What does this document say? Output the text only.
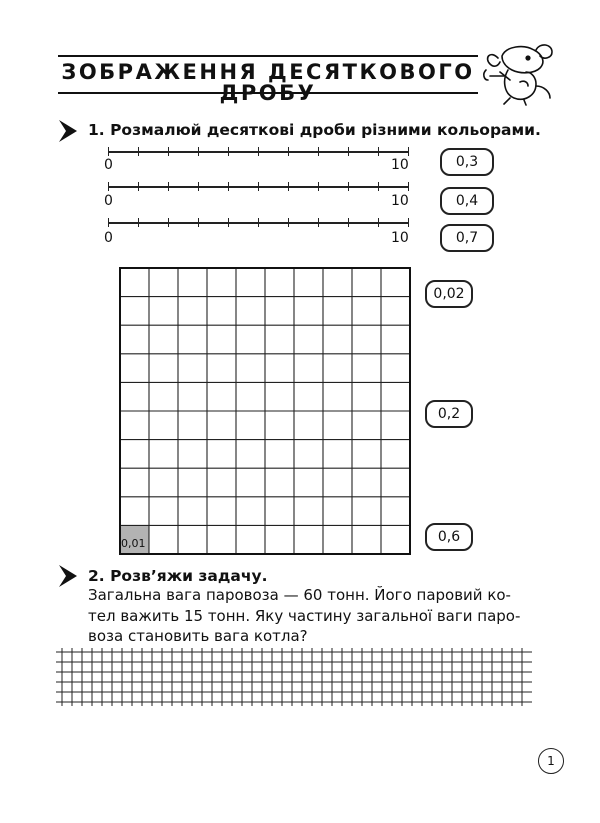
ЗОБРАЖЕННЯ ДЕСЯТКОВОГО ДРОБУ
1. Розмалюй десяткові дроби різними кольорами.
0	10	0,3
0	10	0,4
0	10	0,7
0,01
0,02
0,2
0,6
2. Розв’яжи задачу.
Загальна вага паровоза — 60 тонн. Його паровий ко-
тел важить 15 тонн. Яку частину загальної ваги паро-
воза становить вага котла?
1
